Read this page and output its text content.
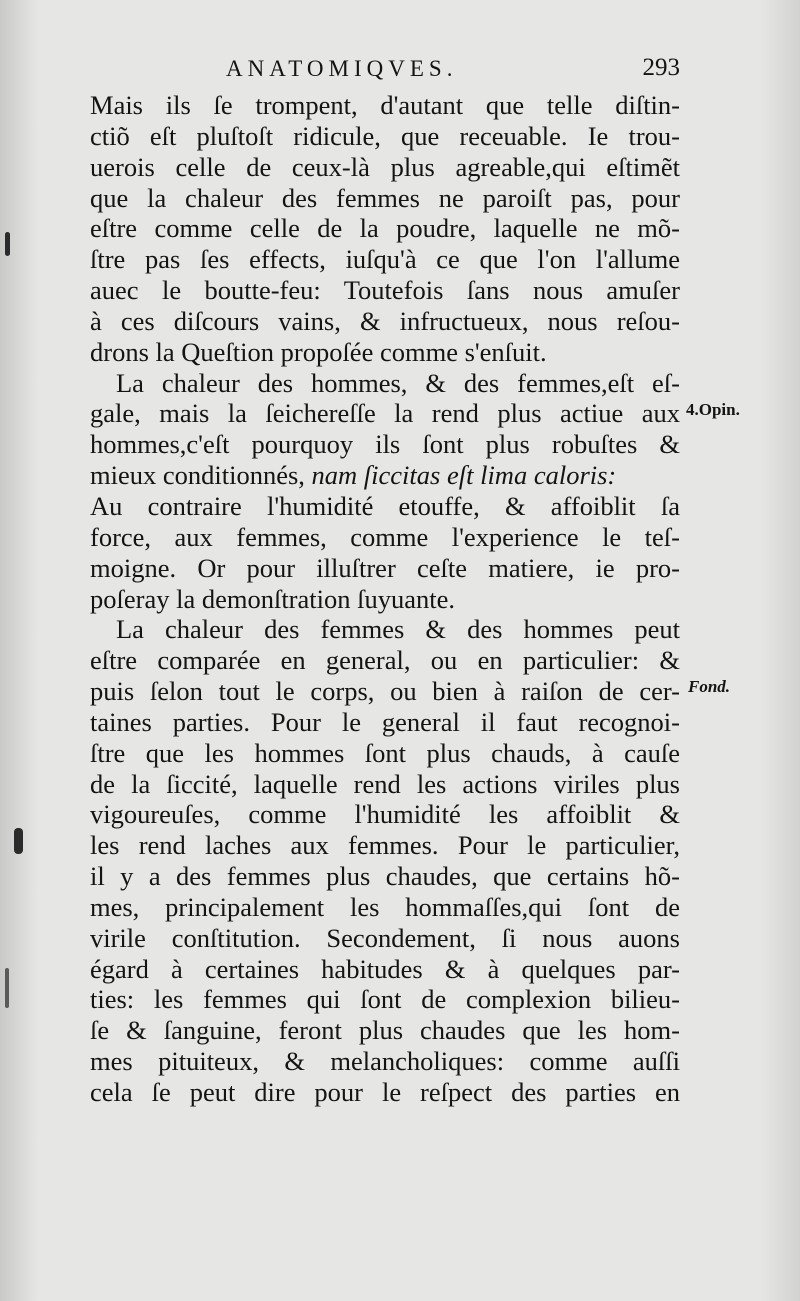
ANATOMIQVES.	293
Mais ils ſe trompent, d'autant que telle diſtin-
ctiõ eſt pluſtoſt ridicule, que receuable. Ie trou-
uerois celle de ceux-là plus agreable,qui eſtimẽt
que la chaleur des femmes ne paroiſt pas, pour
eſtre comme celle de la poudre, laquelle ne mõ-
ſtre pas ſes effects, iuſqu'à ce que l'on l'allume
auec le boutte-feu: Toutefois ſans nous amuſer
à ces diſcours vains, & infructueux, nous reſou-
drons la Queſtion propoſée comme s'enſuit.
La chaleur des hommes, & des femmes,eſt eſ-
gale, mais la ſeichereſſe la rend plus actiue aux
hommes,c'eſt pourquoy ils ſont plus robuſtes &
mieux conditionnés, nam ſiccitas eſt lima caloris:
Au contraire l'humidité etouffe, & affoiblit ſa
force, aux femmes, comme l'experience le teſ-
moigne. Or pour illuſtrer ceſte matiere, ie pro-
poſeray la demonſtration ſuyuante.
La chaleur des femmes & des hommes peut
eſtre comparée en general, ou en particulier: &
puis ſelon tout le corps, ou bien à raiſon de cer-
taines parties. Pour le general il faut recognoi-
ſtre que les hommes ſont plus chauds, à cauſe
de la ſiccité, laquelle rend les actions viriles plus
vigoureuſes, comme l'humidité les affoiblit &
les rend laches aux femmes. Pour le particulier,
il y a des femmes plus chaudes, que certains hõ-
mes, principalement les hommaſſes,qui ſont de
virile conſtitution. Secondement, ſi nous auons
égard à certaines habitudes & à quelques par-
ties: les femmes qui ſont de complexion bilieu-
ſe & ſanguine, feront plus chaudes que les hom-
mes pituiteux, & melancholiques: comme auſſi
cela ſe peut dire pour le reſpect des parties en
4.Opin.
Fond.
